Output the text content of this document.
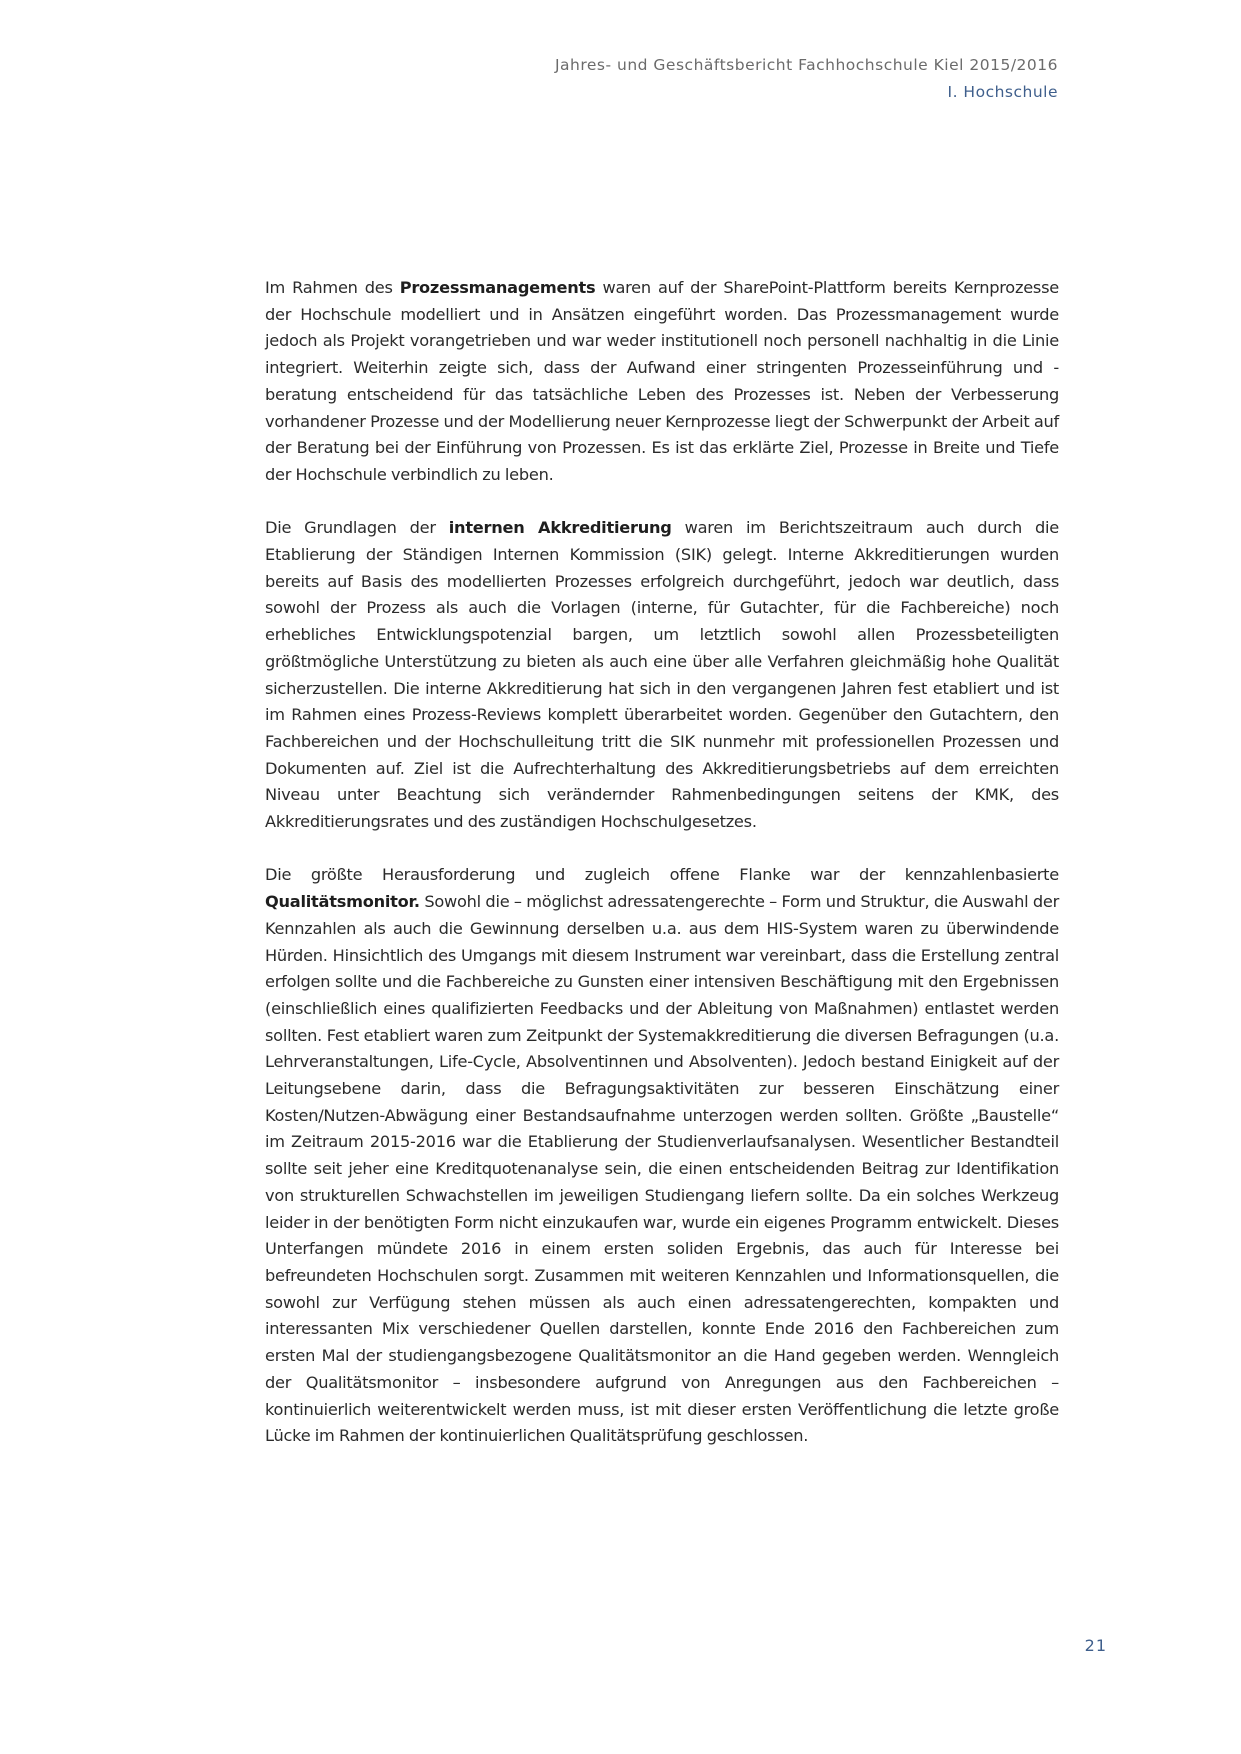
Jahres- und Geschäftsbericht Fachhochschule Kiel 2015/2016
I. Hochschule

Im Rahmen des Prozessmanagements waren auf der SharePoint-Plattform bereits Kernprozesse der Hochschule modelliert und in Ansätzen eingeführt worden. Das Prozessmanagement wurde jedoch als Projekt vorangetrieben und war weder institutionell noch personell nachhaltig in die Linie integriert. Weiterhin zeigte sich, dass der Aufwand einer stringenten Prozesseinführung und -beratung entscheidend für das tatsächliche Leben des Prozesses ist. Neben der Verbesserung vorhandener Prozesse und der Modellierung neuer Kernprozesse liegt der Schwerpunkt der Arbeit auf der Beratung bei der Einführung von Prozessen. Es ist das erklärte Ziel, Prozesse in Breite und Tiefe der Hochschule verbindlich zu leben.

Die Grundlagen der internen Akkreditierung waren im Berichtszeitraum auch durch die Etablierung der Ständigen Internen Kommission (SIK) gelegt. Interne Akkreditierungen wurden bereits auf Basis des modellierten Prozesses erfolgreich durchgeführt, jedoch war deutlich, dass sowohl der Prozess als auch die Vorlagen (interne, für Gutachter, für die Fachbereiche) noch erhebliches Entwicklungspotenzial bargen, um letztlich sowohl allen Prozessbeteiligten größtmögliche Unterstützung zu bieten als auch eine über alle Verfahren gleichmäßig hohe Qualität sicherzustellen. Die interne Akkreditierung hat sich in den vergangenen Jahren fest etabliert und ist im Rahmen eines Prozess-Reviews komplett überarbeitet worden. Gegenüber den Gutachtern, den Fachbereichen und der Hochschulleitung tritt die SIK nunmehr mit professionellen Prozessen und Dokumenten auf. Ziel ist die Aufrechterhaltung des Akkreditierungsbetriebs auf dem erreichten Niveau unter Beachtung sich verändernder Rahmenbedingungen seitens der KMK, des Akkreditierungsrates und des zuständigen Hochschulgesetzes.

Die größte Herausforderung und zugleich offene Flanke war der kennzahlenbasierte Qualitätsmonitor. Sowohl die – möglichst adressatengerechte – Form und Struktur, die Auswahl der Kennzahlen als auch die Gewinnung derselben u.a. aus dem HIS-System waren zu überwindende Hürden. Hinsichtlich des Umgangs mit diesem Instrument war vereinbart, dass die Erstellung zentral erfolgen sollte und die Fachbereiche zu Gunsten einer intensiven Beschäftigung mit den Ergebnissen (einschließlich eines qualifizierten Feedbacks und der Ableitung von Maßnahmen) entlastet werden sollten. Fest etabliert waren zum Zeitpunkt der Systemakkreditierung die diversen Befragungen (u.a. Lehrveranstaltungen, Life-Cycle, Absolventinnen und Absolventen). Jedoch bestand Einigkeit auf der Leitungsebene darin, dass die Befragungsaktivitäten zur besseren Einschätzung einer Kosten/Nutzen-Abwägung einer Bestandsaufnahme unterzogen werden sollten. Größte „Baustelle“ im Zeitraum 2015-2016 war die Etablierung der Studienverlaufsanalysen. Wesentlicher Bestandteil sollte seit jeher eine Kreditquotenanalyse sein, die einen entscheidenden Beitrag zur Identifikation von strukturellen Schwachstellen im jeweiligen Studiengang liefern sollte. Da ein solches Werkzeug leider in der benötigten Form nicht einzukaufen war, wurde ein eigenes Programm entwickelt. Dieses Unterfangen mündete 2016 in einem ersten soliden Ergebnis, das auch für Interesse bei befreundeten Hochschulen sorgt. Zusammen mit weiteren Kennzahlen und Informationsquellen, die sowohl zur Verfügung stehen müssen als auch einen adressatengerechten, kompakten und interessanten Mix verschiedener Quellen darstellen, konnte Ende 2016 den Fachbereichen zum ersten Mal der studiengangsbezogene Qualitätsmonitor an die Hand gegeben werden. Wenngleich der Qualitätsmonitor – insbesondere aufgrund von Anregungen aus den Fachbereichen – kontinuierlich weiterentwickelt werden muss, ist mit dieser ersten Veröffentlichung die letzte große Lücke im Rahmen der kontinuierlichen Qualitätsprüfung geschlossen.

21
